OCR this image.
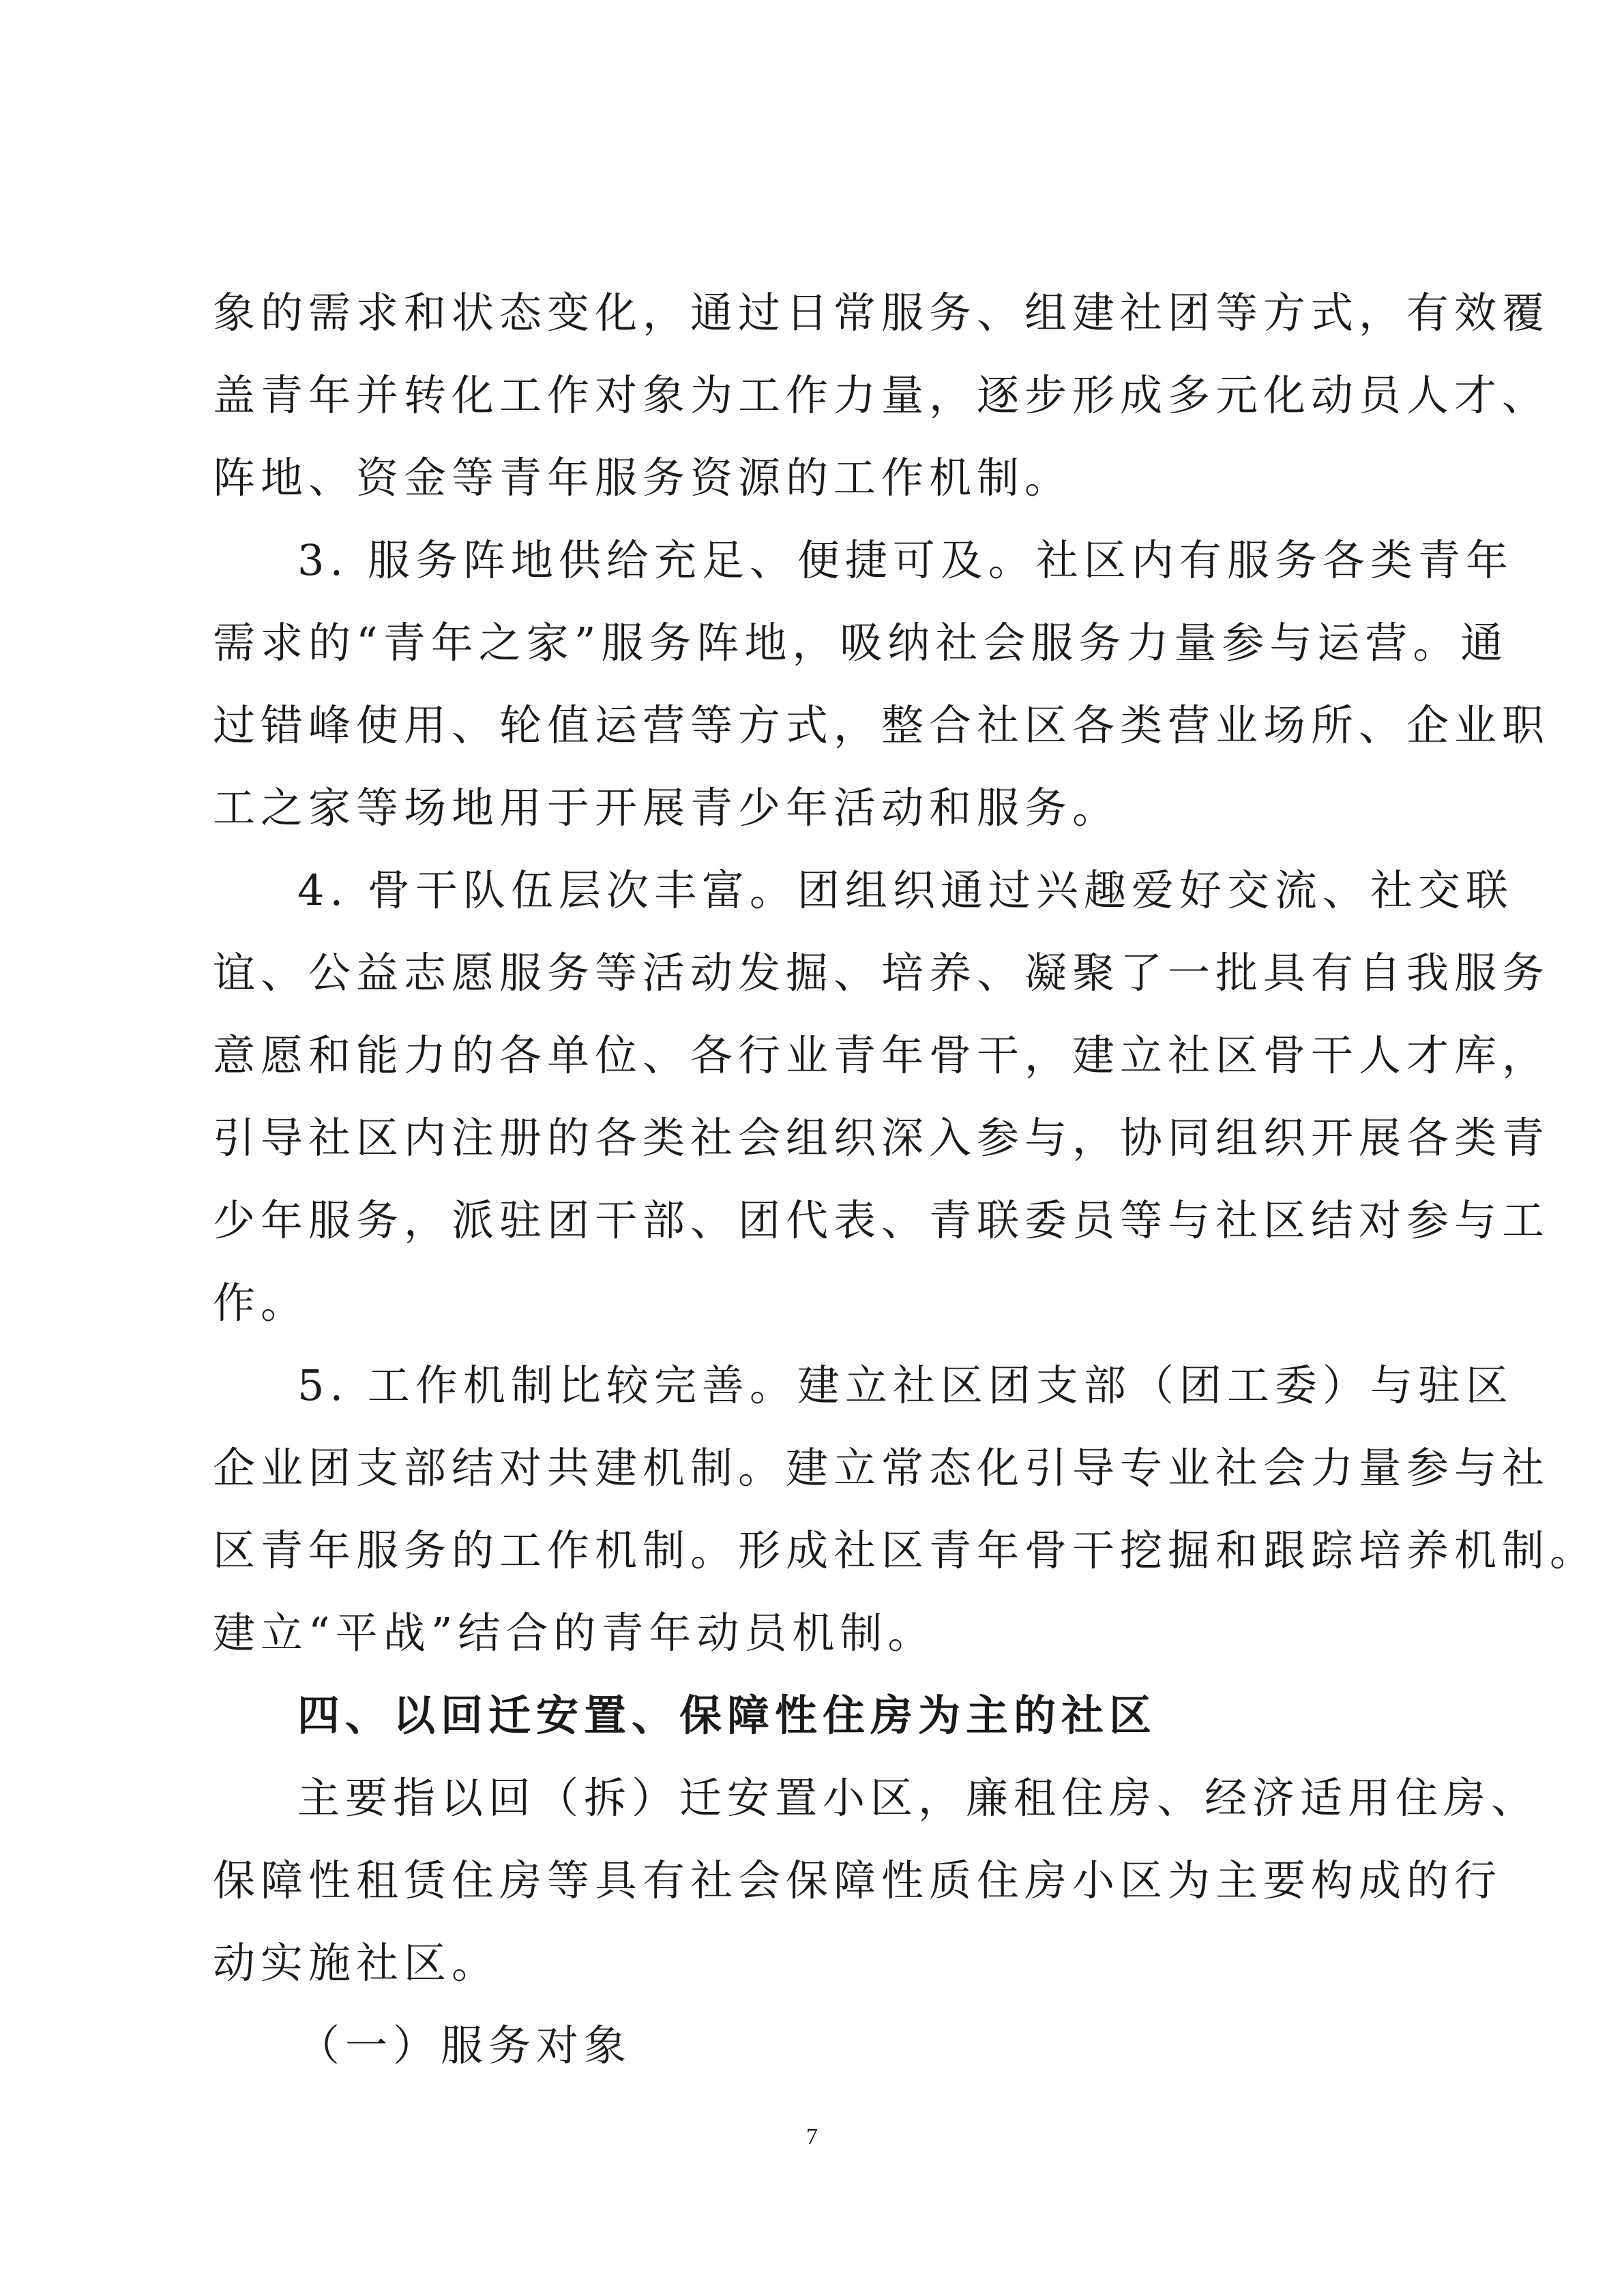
象的需求和状态变化，通过日常服务、组建社团等方式，有效覆
盖青年并转化工作对象为工作力量，逐步形成多元化动员人才、
阵地、资金等青年服务资源的工作机制。
3. 服务阵地供给充足、便捷可及。社区内有服务各类青年
需求的“青年之家”服务阵地，吸纳社会服务力量参与运营。通
过错峰使用、轮值运营等方式，整合社区各类营业场所、企业职
工之家等场地用于开展青少年活动和服务。
4. 骨干队伍层次丰富。团组织通过兴趣爱好交流、社交联
谊、公益志愿服务等活动发掘、培养、凝聚了一批具有自我服务
意愿和能力的各单位、各行业青年骨干，建立社区骨干人才库，
引导社区内注册的各类社会组织深入参与，协同组织开展各类青
少年服务，派驻团干部、团代表、青联委员等与社区结对参与工
作。
5. 工作机制比较完善。建立社区团支部（团工委）与驻区
企业团支部结对共建机制。建立常态化引导专业社会力量参与社
区青年服务的工作机制。形成社区青年骨干挖掘和跟踪培养机制。
建立“平战”结合的青年动员机制。
四、以回迁安置、保障性住房为主的社区
主要指以回（拆）迁安置小区，廉租住房、经济适用住房、
保障性租赁住房等具有社会保障性质住房小区为主要构成的行
动实施社区。
（一）服务对象
7
